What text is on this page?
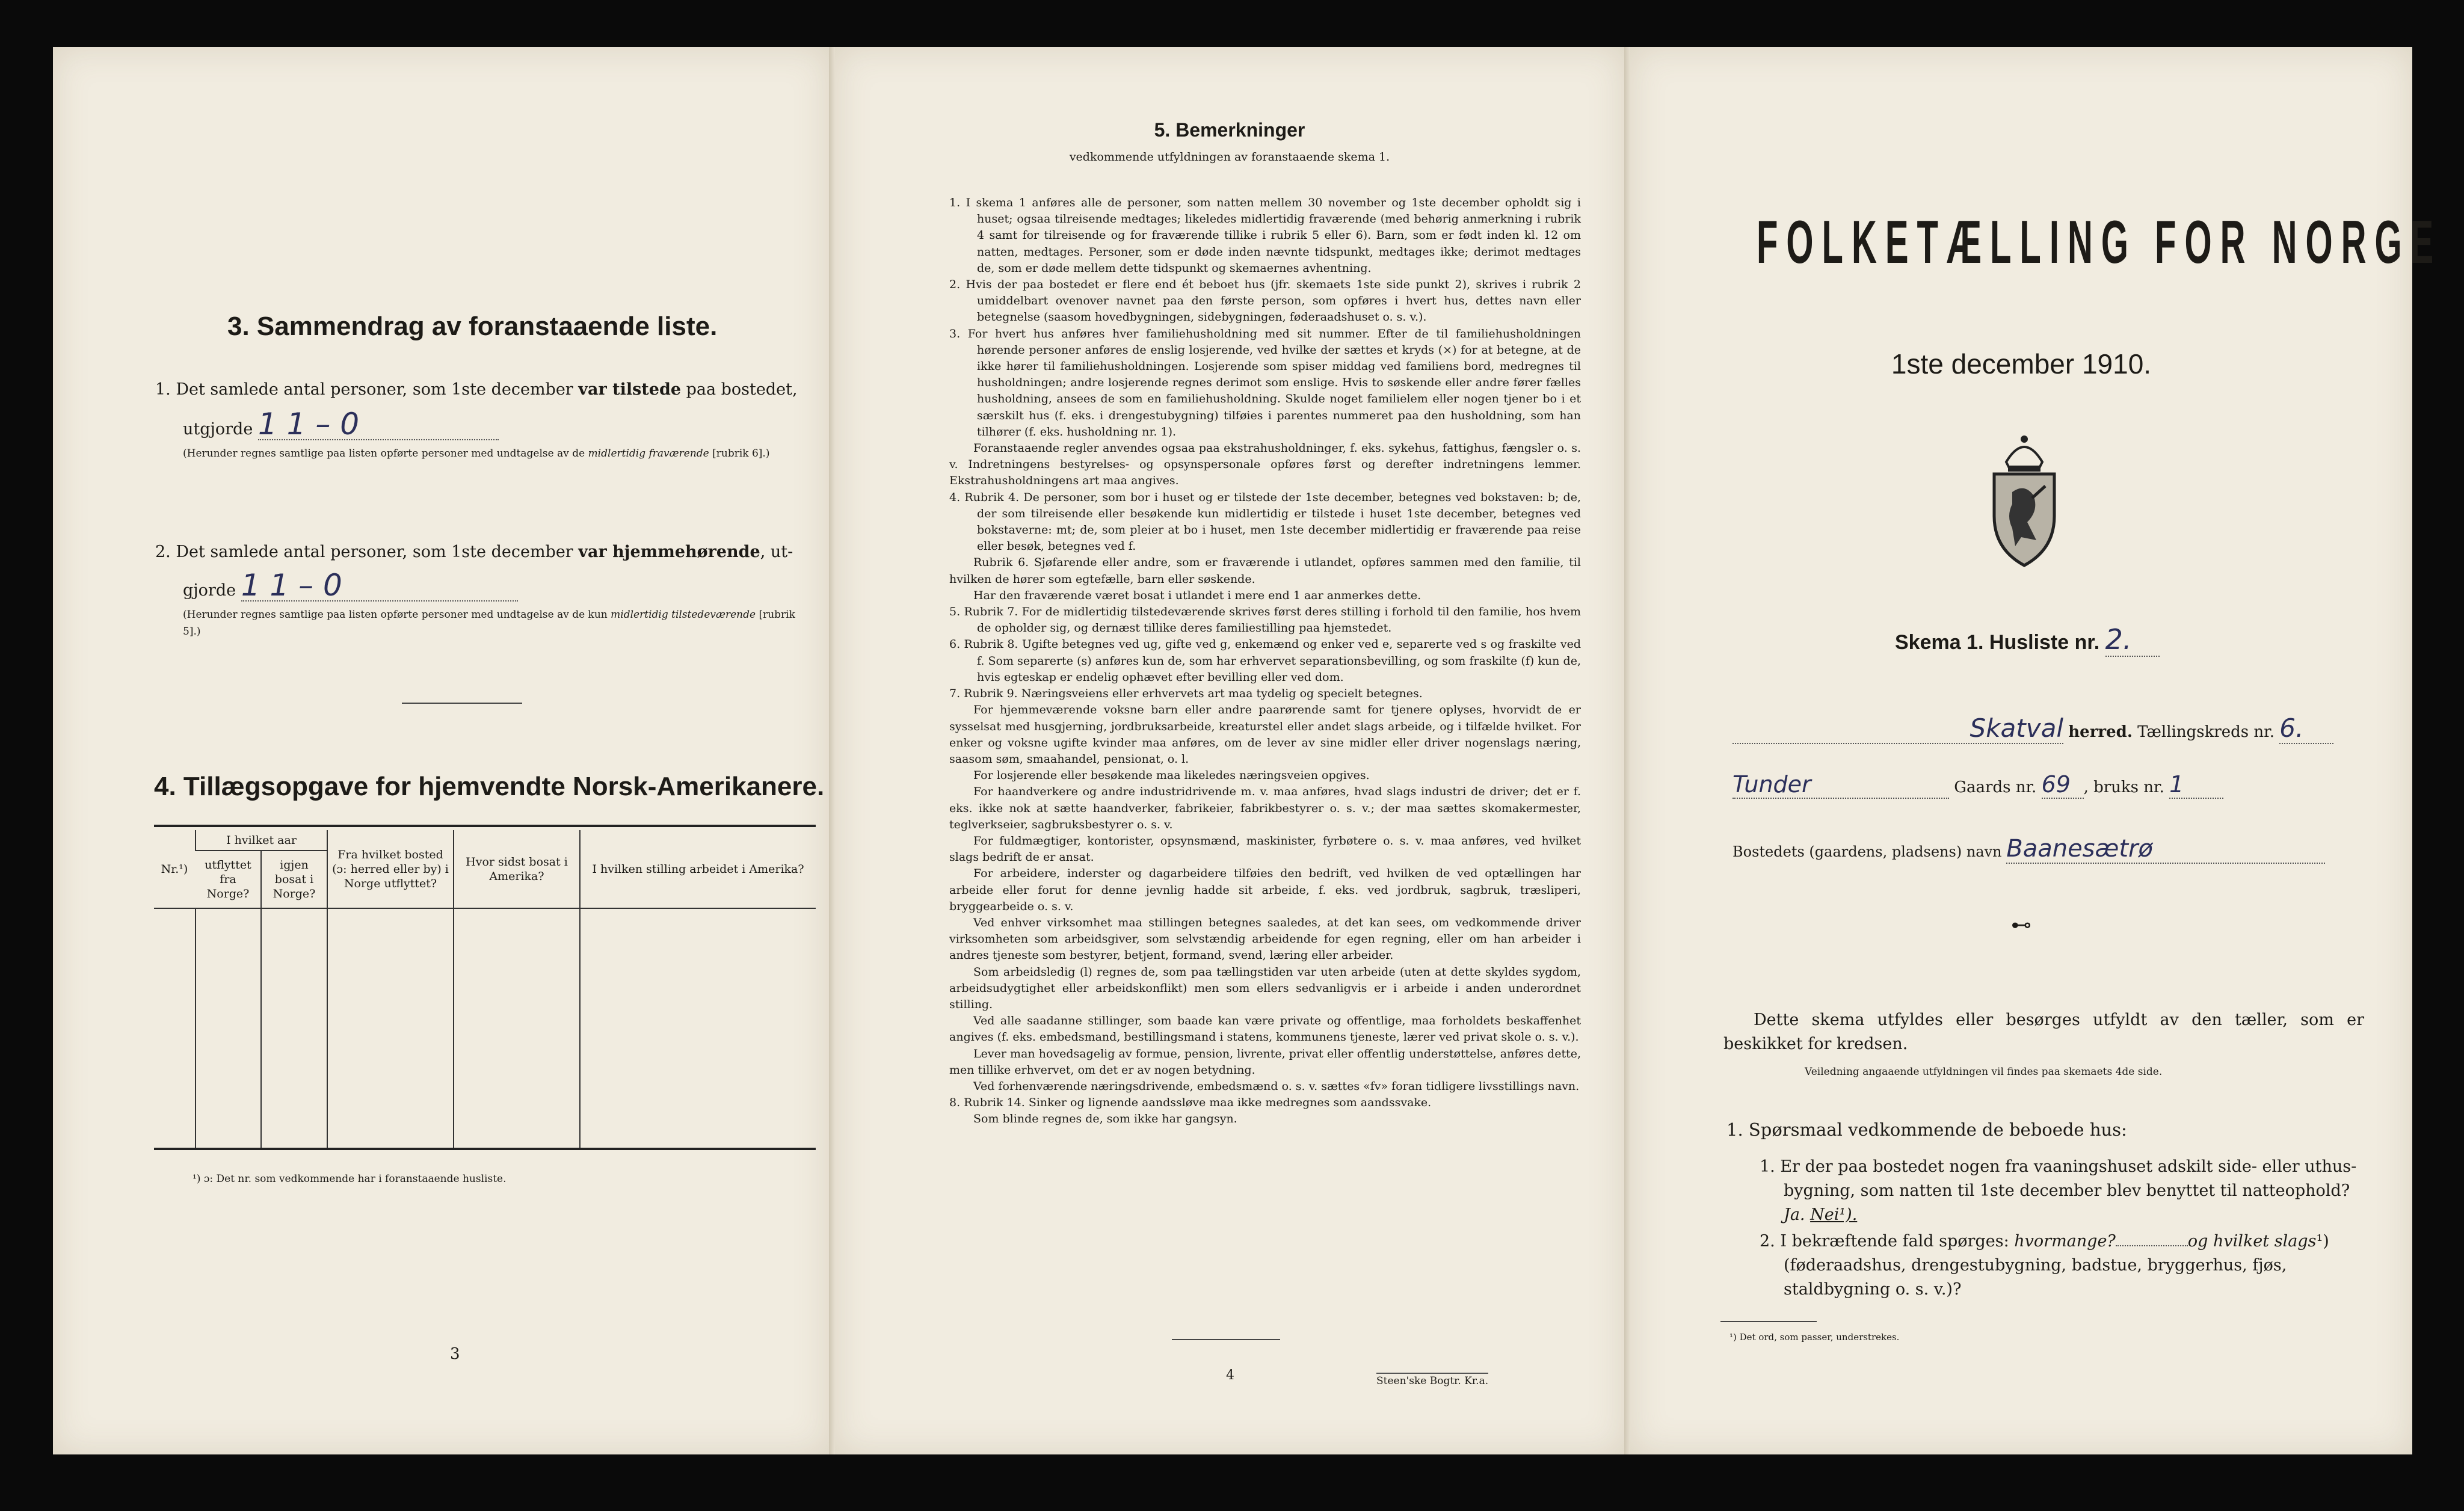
3. Sammendrag av foranstaaende liste.
1. Det samlede antal personer, som 1ste december var tilstede paa bostedet,
utgjorde 1 1 – 0
(Herunder regnes samtlige paa listen opførte personer med undtagelse av de midlertidig fraværende [rubrik 6].)
2. Det samlede antal personer, som 1ste december var hjemmehørende, ut-
gjorde 1 1 – 0
(Herunder regnes samtlige paa listen opførte personer med undtagelse av de kun midlertidig tilstedeværende [rubrik 5].)
4. Tillægsopgave for hjemvendte Norsk-Amerikanere.
Nr.¹)	I hvilket aar		Fra hvilket bosted (ɔ: herred eller by) i Norge utflyttet?	Hvor sidst bosat i Amerika?	I hvilken stilling arbeidet i Amerika?
	utflyttet fra Norge?	igjen bosat i Norge?			

¹) ɔ: Det nr. som vedkommende har i foranstaaende husliste.
3
5. Bemerkninger
vedkommende utfyldningen av foranstaaende skema 1.

1. I skema 1 anføres alle de personer, som natten mellem 30 november og 1ste december opholdt sig i huset; ogsaa tilreisende medtages; likeledes midlertidig fraværende (med behørig anmerkning i rubrik 4 samt for tilreisende og for fraværende tillike i rubrik 5 eller 6). Barn, som er født inden kl. 12 om natten, medtages. Personer, som er døde inden nævnte tidspunkt, medtages ikke; derimot medtages de, som er døde mellem dette tidspunkt og skemaernes avhentning.

2. Hvis der paa bostedet er flere end ét beboet hus (jfr. skemaets 1ste side punkt 2), skrives i rubrik 2 umiddelbart ovenover navnet paa den første person, som opføres i hvert hus, dettes navn eller betegnelse (saasom hovedbygningen, sidebygningen, føderaadshuset o. s. v.).

3. For hvert hus anføres hver familiehusholdning med sit nummer. Efter de til familiehusholdningen hørende personer anføres de enslig losjerende, ved hvilke der sættes et kryds (×) for at betegne, at de ikke hører til familiehusholdningen. Losjerende som spiser middag ved familiens bord, medregnes til husholdningen; andre losjerende regnes derimot som enslige. Hvis to søskende eller andre fører fælles husholdning, ansees de som en familiehusholdning. Skulde noget familielem eller nogen tjener bo i et særskilt hus (f. eks. i drengestubygning) tilføies i parentes nummeret paa den husholdning, som han tilhører (f. eks. husholdning nr. 1).

Foranstaaende regler anvendes ogsaa paa ekstrahusholdninger, f. eks. sykehus, fattighus, fængsler o. s. v. Indretningens bestyrelses- og opsynspersonale opføres først og derefter indretningens lemmer. Ekstrahusholdningens art maa angives.

4. Rubrik 4. De personer, som bor i huset og er tilstede der 1ste december, betegnes ved bokstaven: b; de, der som tilreisende eller besøkende kun midlertidig er tilstede i huset 1ste december, betegnes ved bokstaverne: mt; de, som pleier at bo i huset, men 1ste december midlertidig er fraværende paa reise eller besøk, betegnes ved f.

Rubrik 6. Sjøfarende eller andre, som er fraværende i utlandet, opføres sammen med den familie, til hvilken de hører som egtefælle, barn eller søskende.

Har den fraværende været bosat i utlandet i mere end 1 aar anmerkes dette.

5. Rubrik 7. For de midlertidig tilstedeværende skrives først deres stilling i forhold til den familie, hos hvem de opholder sig, og dernæst tillike deres familiestilling paa hjemstedet.

6. Rubrik 8. Ugifte betegnes ved ug, gifte ved g, enkemænd og enker ved e, separerte ved s og fraskilte ved f. Som separerte (s) anføres kun de, som har erhvervet separationsbevilling, og som fraskilte (f) kun de, hvis egteskap er endelig ophævet efter bevilling eller ved dom.

7. Rubrik 9. Næringsveiens eller erhvervets art maa tydelig og specielt betegnes.

For hjemmeværende voksne barn eller andre paarørende samt for tjenere oplyses, hvorvidt de er sysselsat med husgjerning, jordbruksarbeide, kreaturstel eller andet slags arbeide, og i tilfælde hvilket. For enker og voksne ugifte kvinder maa anføres, om de lever av sine midler eller driver nogenslags næring, saasom søm, smaahandel, pensionat, o. l.

For losjerende eller besøkende maa likeledes næringsveien opgives.

For haandverkere og andre industridrivende m. v. maa anføres, hvad slags industri de driver; det er f. eks. ikke nok at sætte haandverker, fabrikeier, fabrikbestyrer o. s. v.; der maa sættes skomakermester, teglverkseier, sagbruksbestyrer o. s. v.

For fuldmægtiger, kontorister, opsynsmænd, maskinister, fyrbøtere o. s. v. maa anføres, ved hvilket slags bedrift de er ansat.

For arbeidere, inderster og dagarbeidere tilføies den bedrift, ved hvilken de ved optællingen har arbeide eller forut for denne jevnlig hadde sit arbeide, f. eks. ved jordbruk, sagbruk, træsliperi, bryggearbeide o. s. v.

Ved enhver virksomhet maa stillingen betegnes saaledes, at det kan sees, om vedkommende driver virksomheten som arbeidsgiver, som selvstændig arbeidende for egen regning, eller om han arbeider i andres tjeneste som bestyrer, betjent, formand, svend, læring eller arbeider.

Som arbeidsledig (l) regnes de, som paa tællingstiden var uten arbeide (uten at dette skyldes sygdom, arbeidsudygtighet eller arbeidskonflikt) men som ellers sedvanligvis er i arbeide i anden underordnet stilling.

Ved alle saadanne stillinger, som baade kan være private og offentlige, maa forholdets beskaffenhet angives (f. eks. embedsmand, bestillingsmand i statens, kommunens tjeneste, lærer ved privat skole o. s. v.).

Lever man hovedsagelig av formue, pension, livrente, privat eller offentlig understøttelse, anføres dette, men tillike erhvervet, om det er av nogen betydning.

Ved forhenværende næringsdrivende, embedsmænd o. s. v. sættes «fv» foran tidligere livsstillings navn.

8. Rubrik 14. Sinker og lignende aandssløve maa ikke medregnes som aandssvake.

Som blinde regnes de, som ikke har gangsyn.

4	Steen'ske Bogtr. Kr.a.
FOLKETÆLLING FOR NORGE
1ste december 1910.
Skema 1. Husliste nr. 2.
Skatval herred. Tællingskreds nr. 6.
Tunder	Gaards nr. 69 , bruks nr. 1
Bostedets (gaardens, pladsens) navn Baanesætrø
⊷
Dette skema utfyldes eller besørges utfyldt av den tæller, som er beskikket for kredsen.
Veiledning angaaende utfyldningen vil findes paa skemaets 4de side.
1. Spørsmaal vedkommende de beboede hus:
1. Er der paa bostedet nogen fra vaaningshuset adskilt side- eller uthus-bygning, som natten til 1ste december blev benyttet til natteophold? Ja. Nei¹).
2. I bekræftende fald spørges: hvormange?	og hvilket slags¹) (føderaadshus, drengestubygning, badstue, bryggerhus, fjøs, staldbygning o. s. v.)?
¹) Det ord, som passer, understrekes.
